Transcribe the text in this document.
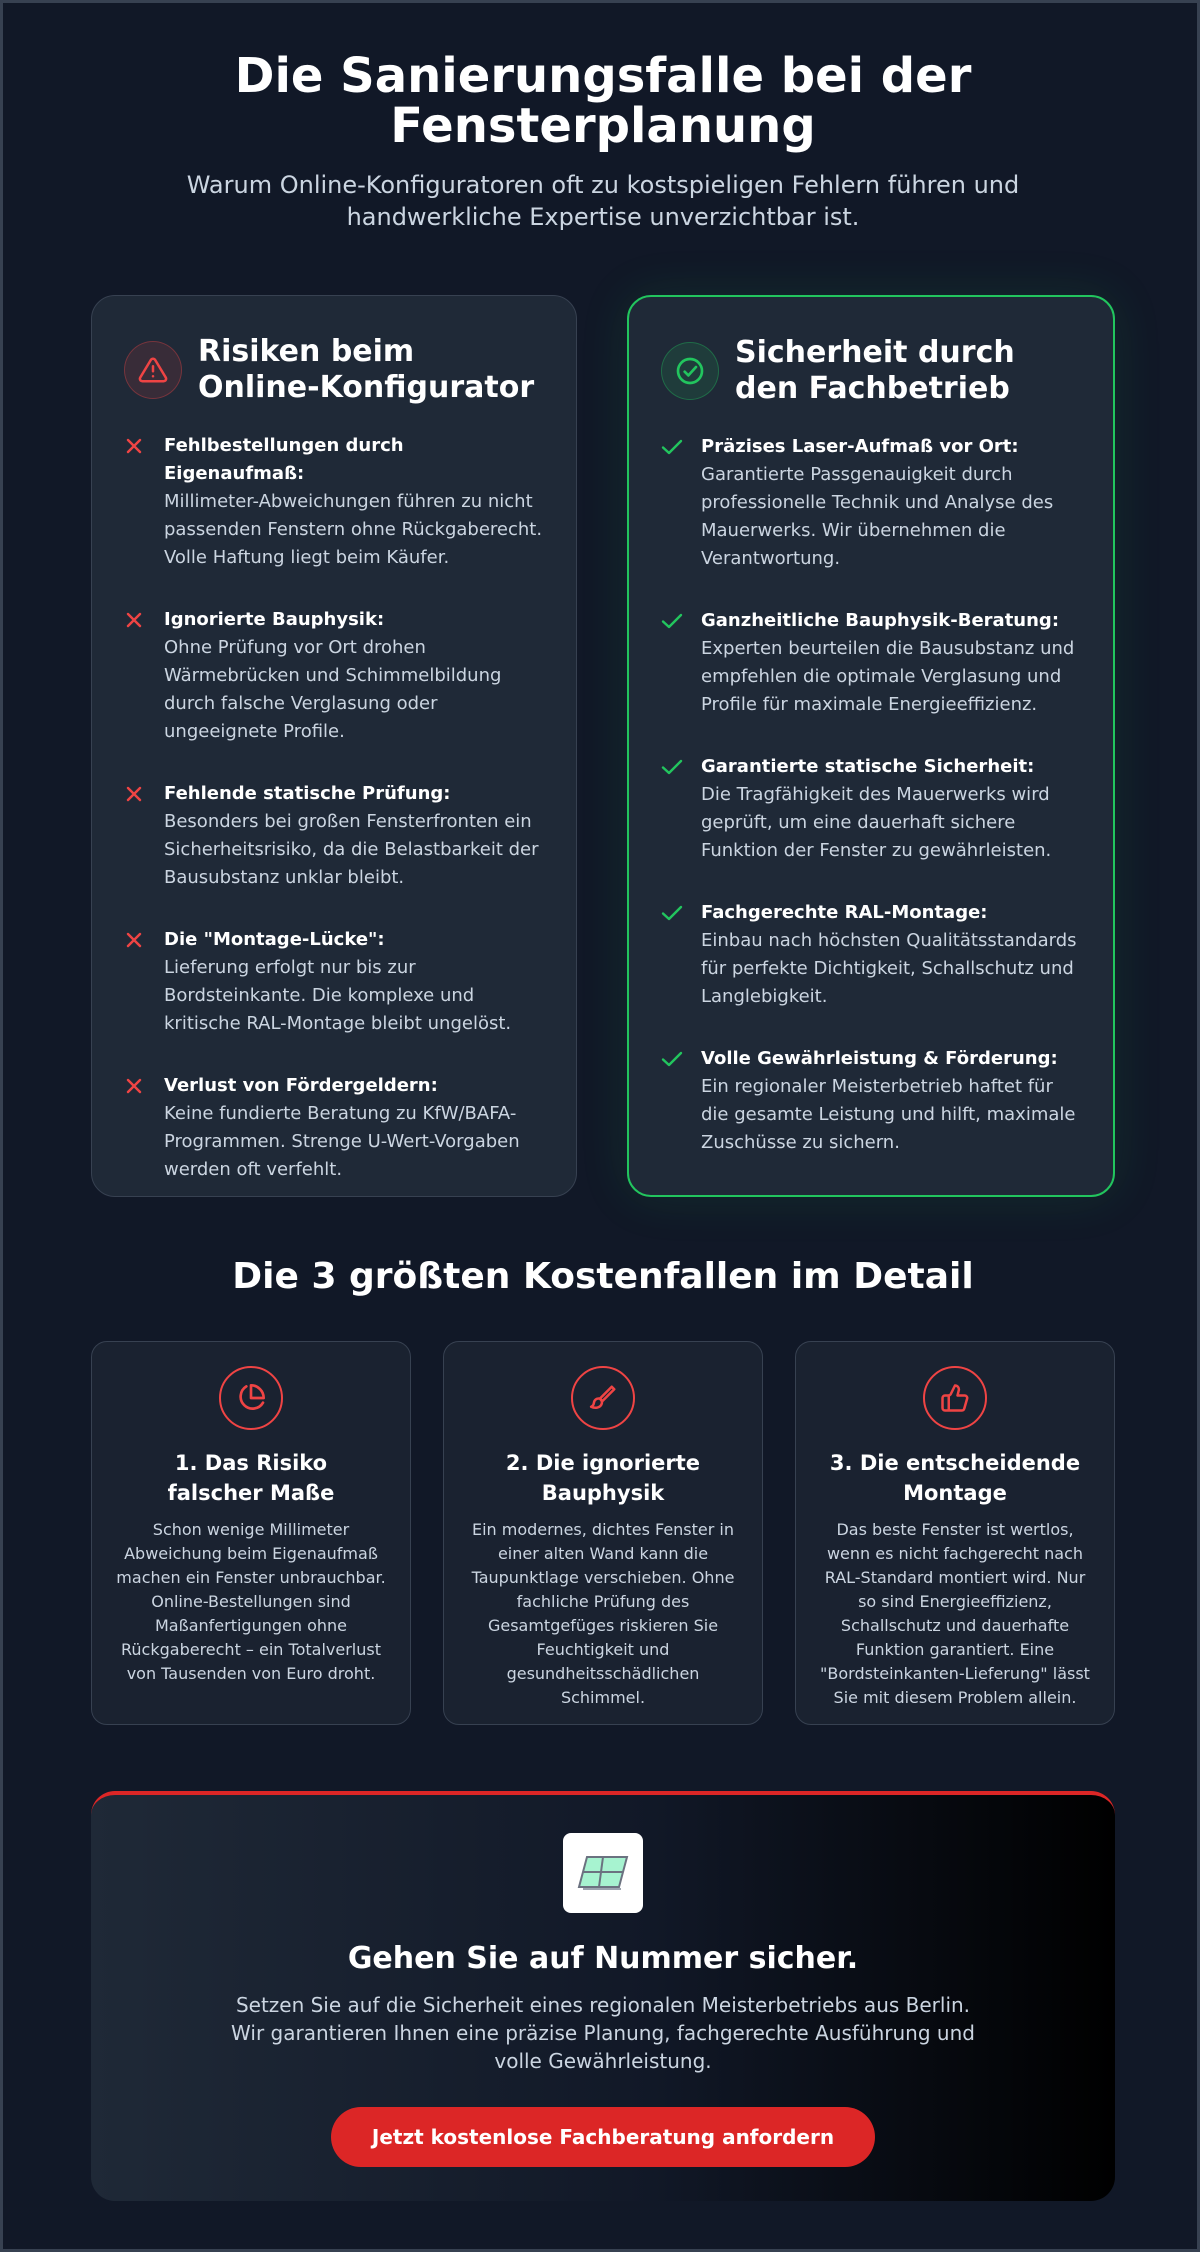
Die Sanierungsfalle bei der Fensterplanung

Warum Online-Konfiguratoren oft zu kostspieligen Fehlern führen und handwerkliche Expertise unverzichtbar ist.

Risiken beim Online-Konfigurator
Fehlbestellungen durch Eigenaufmaß:
Millimeter-Abweichungen führen zu nicht passenden Fenstern ohne Rückgaberecht. Volle Haftung liegt beim Käufer.
Ignorierte Bauphysik:
Ohne Prüfung vor Ort drohen Wärmebrücken und Schimmelbildung durch falsche Verglasung oder ungeeignete Profile.
Fehlende statische Prüfung:
Besonders bei großen Fensterfronten ein Sicherheitsrisiko, da die Belastbarkeit der Bausubstanz unklar bleibt.
Die "Montage-Lücke":
Lieferung erfolgt nur bis zur Bordsteinkante. Die komplexe und kritische RAL-Montage bleibt ungelöst.
Verlust von Fördergeldern:
Keine fundierte Beratung zu KfW/BAFA-Programmen. Strenge U-Wert-Vorgaben werden oft verfehlt.
Sicherheit durch den Fachbetrieb
Präzises Laser-Aufmaß vor Ort:
Garantierte Passgenauigkeit durch professionelle Technik und Analyse des Mauerwerks. Wir übernehmen die Verantwortung.
Ganzheitliche Bauphysik-Beratung:
Experten beurteilen die Bausubstanz und empfehlen die optimale Verglasung und Profile für maximale Energieeffizienz.
Garantierte statische Sicherheit:
Die Tragfähigkeit des Mauerwerks wird geprüft, um eine dauerhaft sichere Funktion der Fenster zu gewährleisten.
Fachgerechte RAL-Montage:
Einbau nach höchsten Qualitätsstandards für perfekte Dichtigkeit, Schallschutz und Langlebigkeit.
Volle Gewährleistung & Förderung:
Ein regionaler Meisterbetrieb haftet für die gesamte Leistung und hilft, maximale Zuschüsse zu sichern.
Die 3 größten Kostenfallen im Detail
1. Das Risiko falscher Maße

Schon wenige Millimeter Abweichung beim Eigenaufmaß machen ein Fenster unbrauchbar. Online-Bestellungen sind Maßanfertigungen ohne Rückgaberecht – ein Totalverlust von Tausenden von Euro droht.

2. Die ignorierte Bauphysik

Ein modernes, dichtes Fenster in einer alten Wand kann die Taupunktlage verschieben. Ohne fachliche Prüfung des Gesamtgefüges riskieren Sie Feuchtigkeit und gesundheitsschädlichen Schimmel.

3. Die entscheidende Montage

Das beste Fenster ist wertlos, wenn es nicht fachgerecht nach RAL-Standard montiert wird. Nur so sind Energieeffizienz, Schallschutz und dauerhafte Funktion garantiert. Eine "Bordsteinkanten-Lieferung" lässt Sie mit diesem Problem allein.

Gehen Sie auf Nummer sicher.

Setzen Sie auf die Sicherheit eines regionalen Meisterbetriebs aus Berlin. Wir garantieren Ihnen eine präzise Planung, fachgerechte Ausführung und volle Gewährleistung.

Jetzt kostenlose Fachberatung anfordern
